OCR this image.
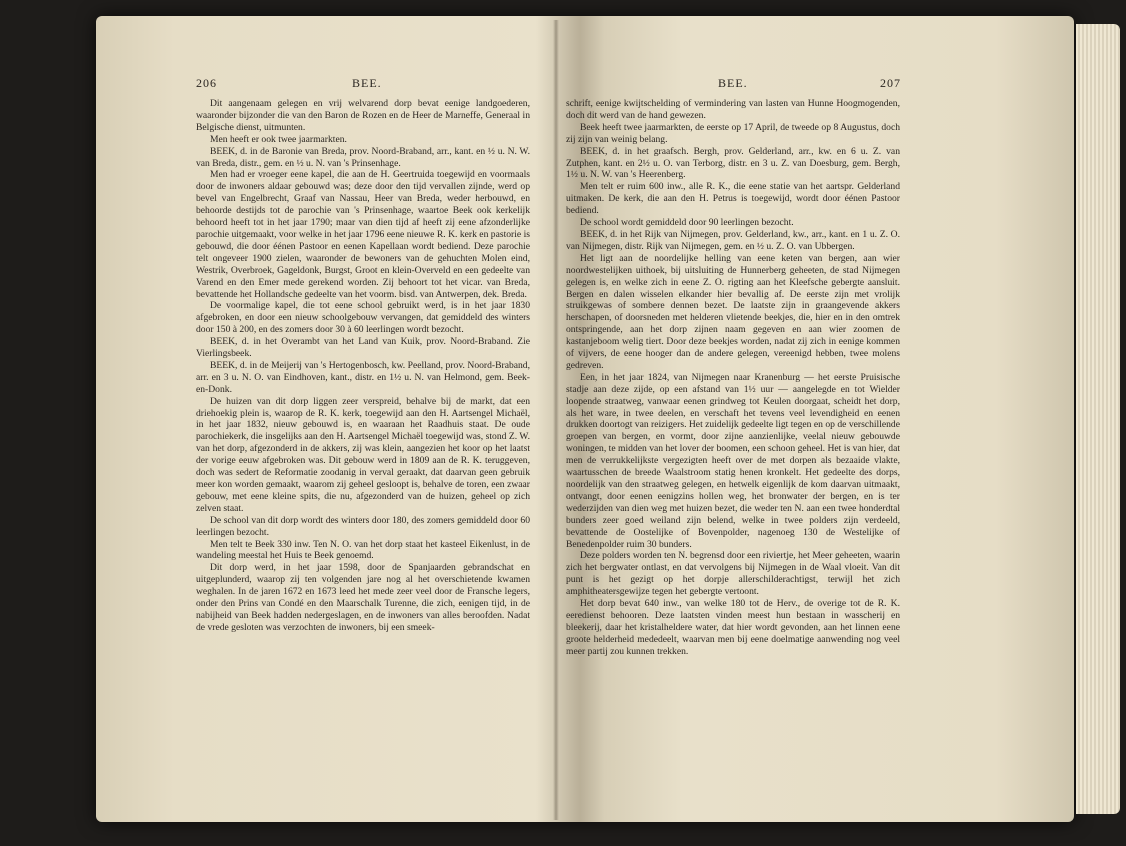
206	BEE.	BEE.	207

Dit aangenaam gelegen en vrij welvarend dorp bevat eenige landgoederen, waaronder bijzonder die van den Baron de Rozen en de Heer de Marneffe, Generaal in Belgische dienst, uitmunten.

Men heeft er ook twee jaarmarkten.

BEEK, d. in de Baronie van Breda, prov. Noord-Braband, arr., kant. en ½ u. N. W. van Breda, distr., gem. en ½ u. N. van 's Prinsenhage.

Men had er vroeger eene kapel, die aan de H. Geertruida toegewijd en voormaals door de inwoners aldaar gebouwd was; deze door den tijd vervallen zijnde, werd op bevel van Engelbrecht, Graaf van Nassau, Heer van Breda, weder herbouwd, en behoorde destijds tot de parochie van 's Prinsenhage, waartoe Beek ook kerkelijk behoord heeft tot in het jaar 1790; maar van dien tijd af heeft zij eene afzonderlijke parochie uitgemaakt, voor welke in het jaar 1796 eene nieuwe R. K. kerk en pastorie is gebouwd, die door éénen Pastoor en eenen Kapellaan wordt bediend. Deze parochie telt ongeveer 1900 zielen, waaronder de bewoners van de gehuchten Molen eind, Westrik, Overbroek, Gageldonk, Burgst, Groot en klein-Overveld en een gedeelte van Varend en den Emer mede gerekend worden. Zij behoort tot het vicar. van Breda, bevattende het Hollandsche gedeelte van het voorm. bisd. van Antwerpen, dek. Breda.

De voormalige kapel, die tot eene school gebruikt werd, is in het jaar 1830 afgebroken, en door een nieuw schoolgebouw vervangen, dat gemiddeld des winters door 150 à 200, en des zomers door 30 à 60 leerlingen wordt bezocht.

BEEK, d. in het Overambt van het Land van Kuik, prov. Noord-Braband. Zie Vierlingsbeek.

BEEK, d. in de Meijerij van 's Hertogenbosch, kw. Peelland, prov. Noord-Braband, arr. en 3 u. N. O. van Eindhoven, kant., distr. en 1½ u. N. van Helmond, gem. Beek-en-Donk.

De huizen van dit dorp liggen zeer verspreid, behalve bij de markt, dat een driehoekig plein is, waarop de R. K. kerk, toegewijd aan den H. Aartsengel Michaël, in het jaar 1832, nieuw gebouwd is, en waaraan het Raadhuis staat. De oude parochiekerk, die insgelijks aan den H. Aartsengel Michaël toegewijd was, stond Z. W. van het dorp, afgezonderd in de akkers, zij was klein, aangezien het koor op het laatst der vorige eeuw afgebroken was. Dit gebouw werd in 1809 aan de R. K. teruggeven, doch was sedert de Reformatie zoodanig in verval geraakt, dat daarvan geen gebruik meer kon worden gemaakt, waarom zij geheel gesloopt is, behalve de toren, een zwaar gebouw, met eene kleine spits, die nu, afgezonderd van de huizen, geheel op zich zelven staat.

De school van dit dorp wordt des winters door 180, des zomers gemiddeld door 60 leerlingen bezocht.

Men telt te Beek 330 inw. Ten N. O. van het dorp staat het kasteel Eikenlust, in de wandeling meestal het Huis te Beek genoemd.

Dit dorp werd, in het jaar 1598, door de Spanjaarden gebrandschat en uitgeplunderd, waarop zij ten volgenden jare nog al het overschietende kwamen weghalen. In de jaren 1672 en 1673 leed het mede zeer veel door de Fransche legers, onder den Prins van Condé en den Maarschalk Turenne, die zich, eenigen tijd, in de nabijheid van Beek hadden nedergeslagen, en de inwoners van alles beroofden. Nadat de vrede gesloten was verzochten de inwoners, bij een smeek-

schrift, eenige kwijtschelding of vermindering van lasten van Hunne Hoogmogenden, doch dit werd van de hand gewezen.

Beek heeft twee jaarmarkten, de eerste op 17 April, de tweede op 8 Augustus, doch zij zijn van weinig belang.

BEEK, d. in het graafsch. Bergh, prov. Gelderland, arr., kw. en 6 u. Z. van Zutphen, kant. en 2½ u. O. van Terborg, distr. en 3 u. Z. van Doesburg, gem. Bergh, 1½ u. N. W. van 's Heerenberg.

Men telt er ruim 600 inw., alle R. K., die eene statie van het aartspr. Gelderland uitmaken. De kerk, die aan den H. Petrus is toegewijd, wordt door éénen Pastoor bediend.

De school wordt gemiddeld door 90 leerlingen bezocht.

BEEK, d. in het Rijk van Nijmegen, prov. Gelderland, kw., arr., kant. en 1 u. Z. O. van Nijmegen, distr. Rijk van Nijmegen, gem. en ½ u. Z. O. van Ubbergen.

Het ligt aan de noordelijke helling van eene keten van bergen, aan wier noordwestelijken uithoek, bij uitsluiting de Hunnerberg geheeten, de stad Nijmegen gelegen is, en welke zich in eene Z. O. rigting aan het Kleefsche gebergte aansluit. Bergen en dalen wisselen elkander hier bevallig af. De eerste zijn met vrolijk struikgewas of sombere dennen bezet. De laatste zijn in graangevende akkers herschapen, of doorsneden met helderen vlietende beekjes, die, hier en in den omtrek ontspringende, aan het dorp zijnen naam gegeven en aan wier zoomen de kastanjeboom welig tiert. Door deze beekjes worden, nadat zij zich in eenige kommen of vijvers, de eene hooger dan de andere gelegen, vereenigd hebben, twee molens gedreven.

Een, in het jaar 1824, van Nijmegen naar Kranenburg — het eerste Pruisische stadje aan deze zijde, op een afstand van 1½ uur — aangelegde en tot Wielder loopende straatweg, vanwaar eenen grindweg tot Keulen doorgaat, scheidt het dorp, als het ware, in twee deelen, en verschaft het tevens veel levendigheid en eenen drukken doortogt van reizigers. Het zuidelijk gedeelte ligt tegen en op de verschillende groepen van bergen, en vormt, door zijne aanzienlijke, veelal nieuw gebouwde woningen, te midden van het lover der boomen, een schoon geheel. Het is van hier, dat men de verrukkelijkste vergezigten heeft over de met dorpen als bezaaide vlakte, waartusschen de breede Waalstroom statig henen kronkelt. Het gedeelte des dorps, noordelijk van den straatweg gelegen, en hetwelk eigenlijk de kom daarvan uitmaakt, ontvangt, door eenen eenigzins hollen weg, het bronwater der bergen, en is ter wederzijden van dien weg met huizen bezet, die weder ten N. aan een twee honderdtal bunders zeer goed weiland zijn belend, welke in twee polders zijn verdeeld, bevattende de Oostelijke of Bovenpolder, nagenoeg 130 de Westelijke of Benedenpolder ruim 30 bunders.

Deze polders worden ten N. begrensd door een riviertje, het Meer geheeten, waarin zich het bergwater ontlast, en dat vervolgens bij Nijmegen in de Waal vloeit. Van dit punt is het gezigt op het dorpje allerschilderachtigst, terwijl het zich amphitheatersgewijze tegen het gebergte vertoont.

Het dorp bevat 640 inw., van welke 180 tot de Herv., de overige tot de R. K. eeredienst behooren. Deze laatsten vinden meest hun bestaan in wasscherij en bleekerij, daar het kristalheldere water, dat hier wordt gevonden, aan het linnen eene groote helderheid mededeelt, waarvan men bij eene doelmatige aanwending nog veel meer partij zou kunnen trekken.
